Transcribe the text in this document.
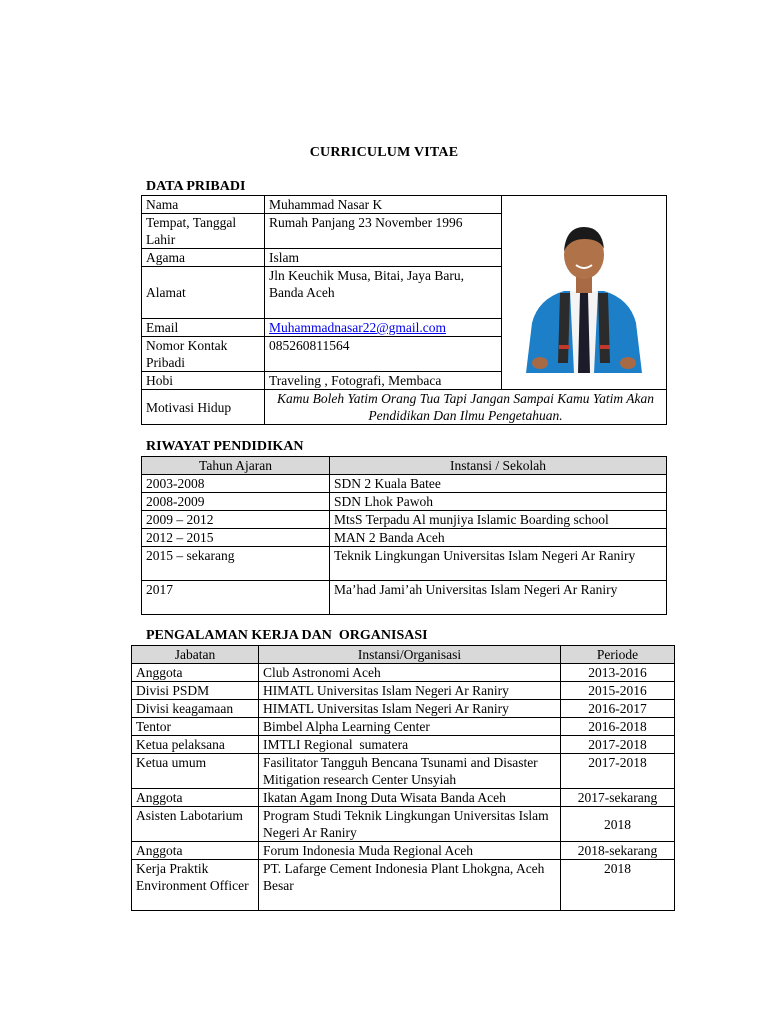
CURRICULUM VITAE
DATA PRIBADI
Nama	Muhammad Nasar K	

Tempat, Tanggal Lahir	Rumah Panjang 23 November 1996	
Agama	Islam	
Alamat	Jln Keuchik Musa, Bitai, Jaya Baru, Banda Aceh	
Email	Muhammadnasar22@gmail.com	
Nomor Kontak Pribadi	085260811564	
Hobi	Traveling , Fotografi, Membaca	
Motivasi Hidup	Kamu Boleh Yatim Orang Tua Tapi Jangan Sampai Kamu Yatim Akan Pendidikan Dan Ilmu Pengetahuan.	
RIWAYAT PENDIDIKAN
Tahun Ajaran	Instansi / Sekolah
2003-2008	SDN 2 Kuala Batee
2008-2009	SDN Lhok Pawoh
2009 – 2012	MtsS Terpadu Al munjiya Islamic Boarding school
2012 – 2015	MAN 2 Banda Aceh
2015 – sekarang	Teknik Lingkungan Universitas Islam Negeri Ar Raniry
2017	Ma’had Jami’ah Universitas Islam Negeri Ar Raniry
PENGALAMAN KERJA DAN  ORGANISASI
Jabatan	Instansi/Organisasi	Periode
Anggota	Club Astronomi Aceh	2013-2016
Divisi PSDM	HIMATL Universitas Islam Negeri Ar Raniry	2015-2016
Divisi keagamaan	HIMATL Universitas Islam Negeri Ar Raniry	2016-2017
Tentor	Bimbel Alpha Learning Center	2016-2018
Ketua pelaksana	IMTLI Regional  sumatera	2017-2018
Ketua umum	Fasilitator Tangguh Bencana Tsunami and Disaster Mitigation research Center Unsyiah	2017-2018
Anggota	Ikatan Agam Inong Duta Wisata Banda Aceh	2017-sekarang
Asisten Labotarium	Program Studi Teknik Lingkungan Universitas Islam Negeri Ar Raniry	2018
Anggota	Forum Indonesia Muda Regional Aceh	2018-sekarang
Kerja Praktik Environment Officer	PT. Lafarge Cement Indonesia Plant Lhokgna, Aceh Besar	2018
